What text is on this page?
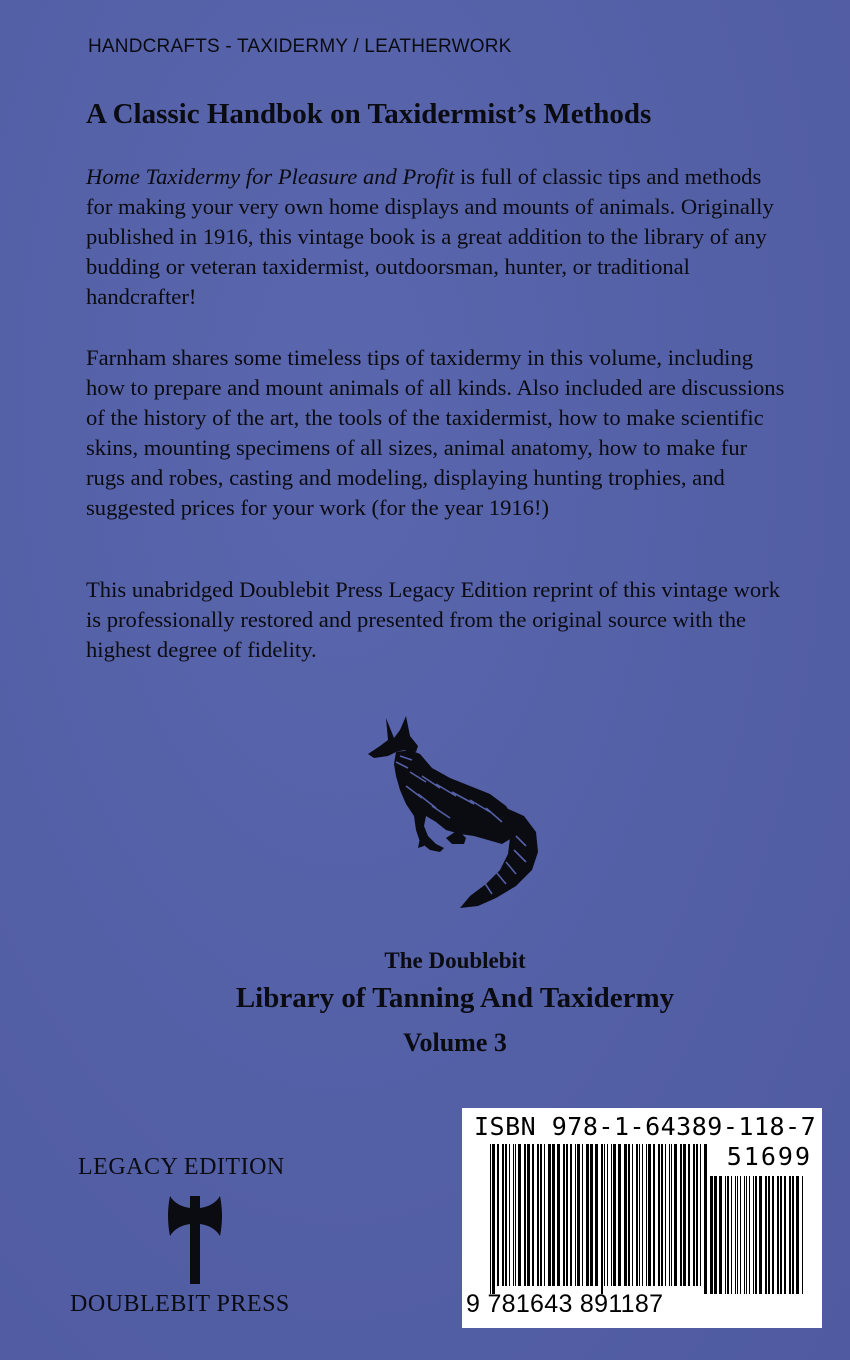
HANDCRAFTS - TAXIDERMY / LEATHERWORK
A Classic Handbok on Taxidermist’s Methods

Home Taxidermy for Pleasure and Profit is full of classic tips and methods for making your very own home displays and mounts of animals. Originally published in 1916, this vintage book is a great addition to the library of any budding or veteran taxidermist, outdoorsman, hunter, or traditional handcrafter!

Farnham shares some timeless tips of taxidermy in this volume, including how to prepare and mount animals of all kinds. Also included are discussions of the history of the art, the tools of the taxidermist, how to make scientific skins, mounting specimens of all sizes, animal anatomy, how to make fur rugs and robes, casting and modeling, displaying hunting trophies, and suggested prices for your work (for the year 1916!)

This unabridged Doublebit Press Legacy Edition reprint of this vintage work is professionally restored and presented from the original source with the highest degree of fidelity.

The Doublebit
Library of Tanning And Taxidermy
Volume 3
LEGACY EDITION
DOUBLEBIT PRESS
ISBN 978-1-64389-118-7
51699
9 781643 891187
